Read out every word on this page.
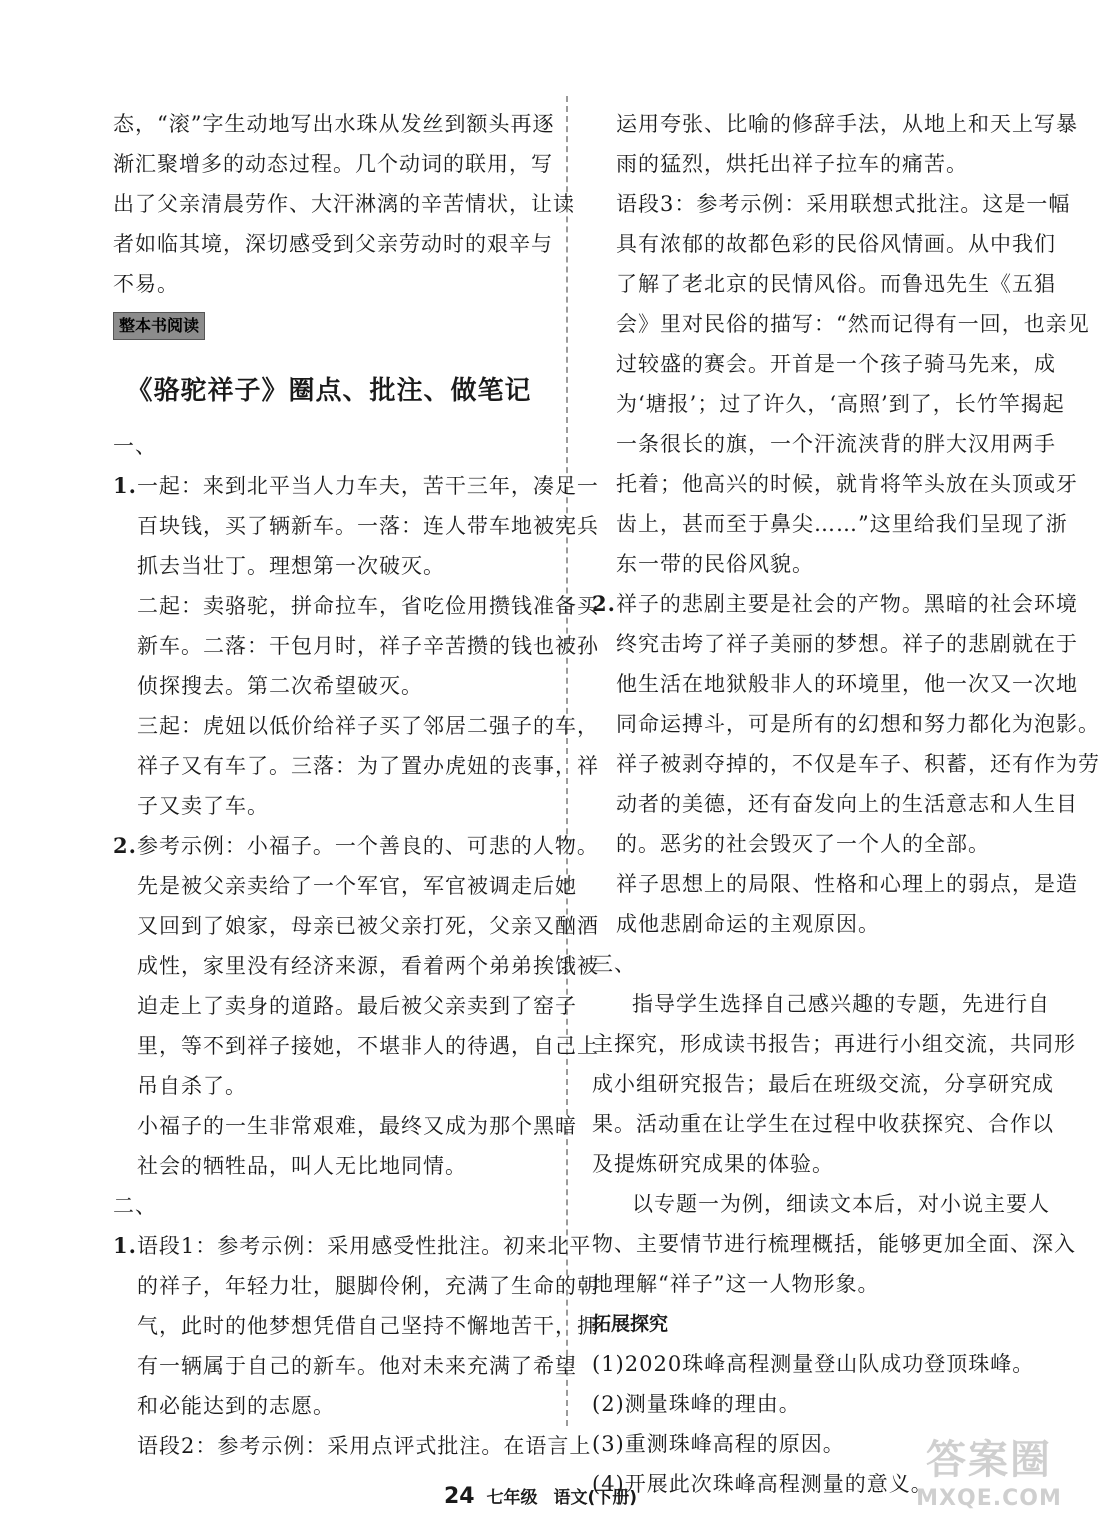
态，“滚”字生动地写出水珠从发丝到额头再逐
渐汇聚增多的动态过程。几个动词的联用，写
出了父亲清晨劳作、大汗淋漓的辛苦情状，让读
者如临其境，深切感受到父亲劳动时的艰辛与
不易。
整本书阅读
《骆驼祥子》圈点、批注、做笔记
一、
1.一起：来到北平当人力车夫，苦干三年，凑足一
百块钱，买了辆新车。一落：连人带车地被宪兵
抓去当壮丁。理想第一次破灭。
二起：卖骆驼，拼命拉车，省吃俭用攒钱准备买
新车。二落：干包月时，祥子辛苦攒的钱也被孙
侦探搜去。第二次希望破灭。
三起：虎妞以低价给祥子买了邻居二强子的车，
祥子又有车了。三落：为了置办虎妞的丧事，祥
子又卖了车。
2.参考示例：小福子。一个善良的、可悲的人物。
先是被父亲卖给了一个军官，军官被调走后她
又回到了娘家，母亲已被父亲打死，父亲又酗酒
成性，家里没有经济来源，看着两个弟弟挨饿被
迫走上了卖身的道路。最后被父亲卖到了窑子
里，等不到祥子接她，不堪非人的待遇，自己上
吊自杀了。
小福子的一生非常艰难，最终又成为那个黑暗
社会的牺牲品，叫人无比地同情。
二、
1.语段1：参考示例：采用感受性批注。初来北平
的祥子，年轻力壮，腿脚伶俐，充满了生命的朝
气，此时的他梦想凭借自己坚持不懈地苦干，拥
有一辆属于自己的新车。他对未来充满了希望
和必能达到的志愿。
语段2：参考示例：采用点评式批注。在语言上
运用夸张、比喻的修辞手法，从地上和天上写暴
雨的猛烈，烘托出祥子拉车的痛苦。
语段3：参考示例：采用联想式批注。这是一幅
具有浓郁的故都色彩的民俗风情画。从中我们
了解了老北京的民情风俗。而鲁迅先生《五猖
会》里对民俗的描写：“然而记得有一回，也亲见
过较盛的赛会。开首是一个孩子骑马先来，成
为‘塘报’；过了许久，‘高照’到了，长竹竿揭起
一条很长的旗，一个汗流浃背的胖大汉用两手
托着；他高兴的时候，就肯将竿头放在头顶或牙
齿上，甚而至于鼻尖……”这里给我们呈现了浙
东一带的民俗风貌。
2.祥子的悲剧主要是社会的产物。黑暗的社会环境
终究击垮了祥子美丽的梦想。祥子的悲剧就在于
他生活在地狱般非人的环境里，他一次又一次地
同命运搏斗，可是所有的幻想和努力都化为泡影。
祥子被剥夺掉的，不仅是车子、积蓄，还有作为劳
动者的美德，还有奋发向上的生活意志和人生目
的。恶劣的社会毁灭了一个人的全部。
祥子思想上的局限、性格和心理上的弱点，是造
成他悲剧命运的主观原因。
三、
指导学生选择自己感兴趣的专题，先进行自
主探究，形成读书报告；再进行小组交流，共同形
成小组研究报告；最后在班级交流，分享研究成
果。活动重在让学生在过程中收获探究、合作以
及提炼研究成果的体验。
以专题一为例，细读文本后，对小说主要人
物、主要情节进行梳理概括，能够更加全面、深入
地理解“祥子”这一人物形象。
拓展探究
(1)2020珠峰高程测量登山队成功登顶珠峰。
(2)测量珠峰的理由。
(3)重测珠峰高程的原因。
(4)开展此次珠峰高程测量的意义。
24 七年级 语文(下册)
答案圈
MXQE.COM
